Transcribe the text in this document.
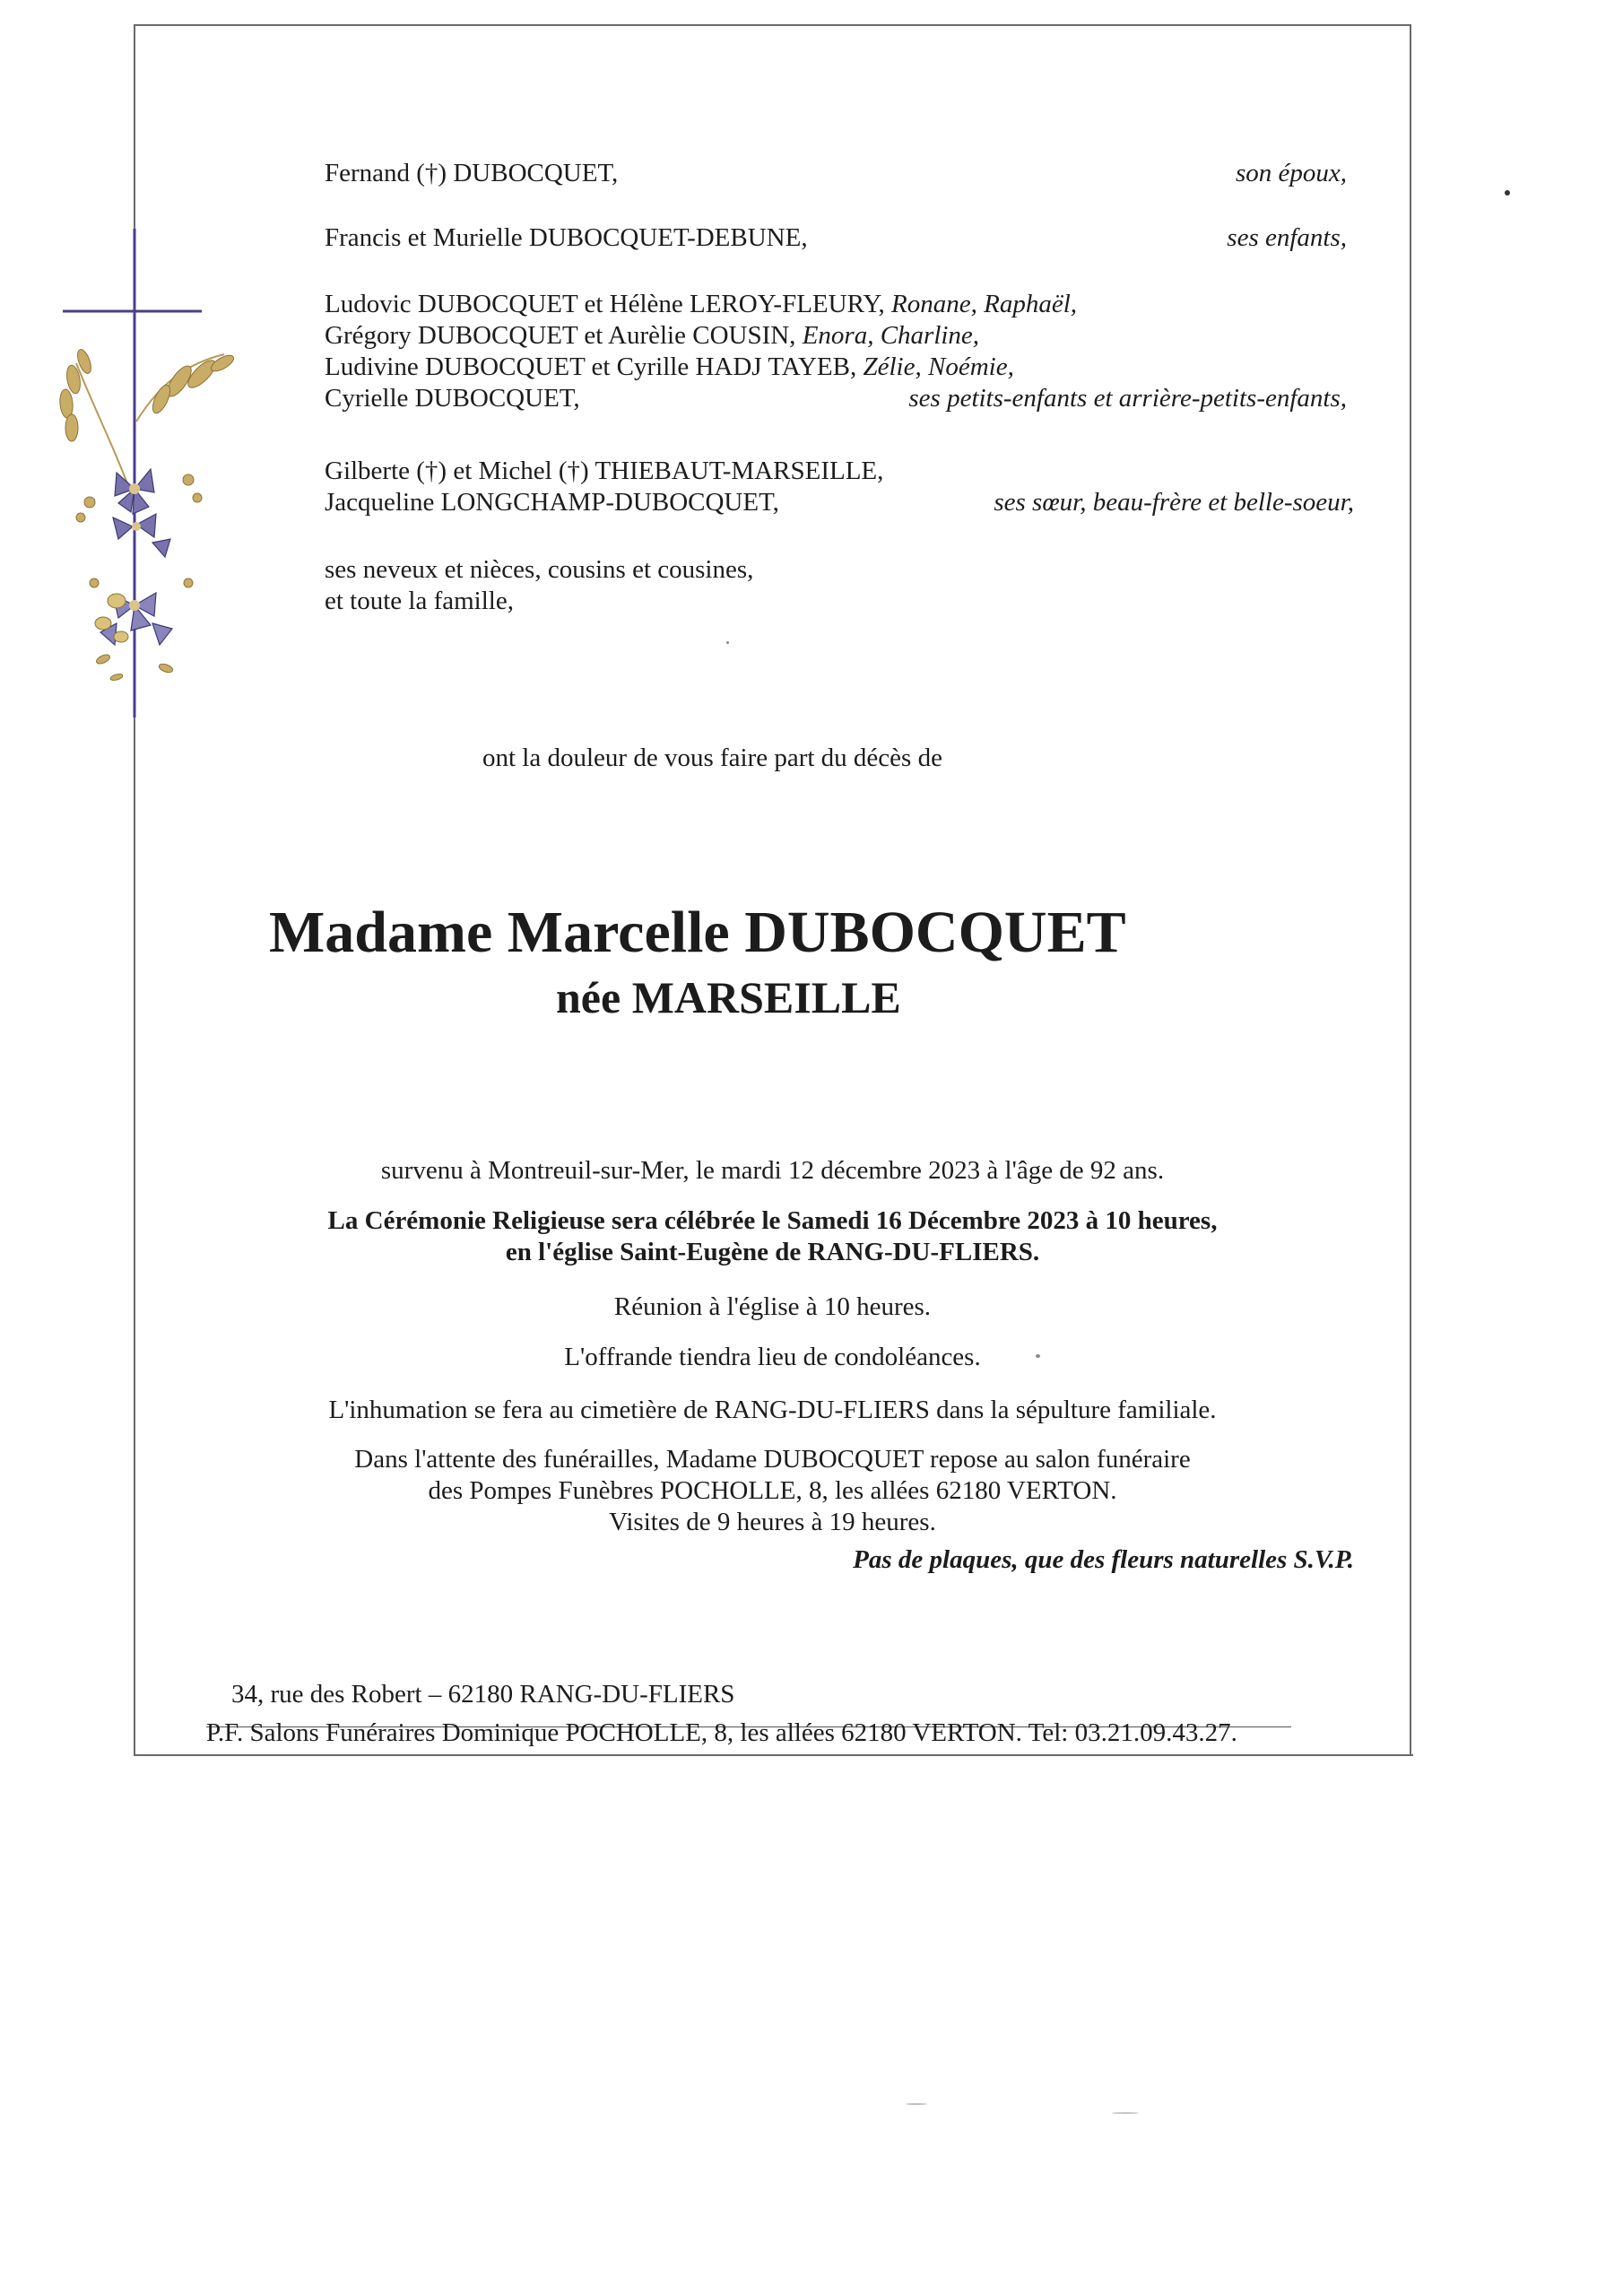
Fernand (†) DUBOCQUET,	son époux,
Francis et Murielle DUBOCQUET-DEBUNE,	ses enfants,
Ludovic DUBOCQUET et Hélène LEROY-FLEURY, Ronane, Raphaël,
Grégory DUBOCQUET et Aurèlie COUSIN, Enora, Charline,
Ludivine DUBOCQUET et Cyrille HADJ TAYEB, Zélie, Noémie,
Cyrielle DUBOCQUET,	ses petits-enfants et arrière-petits-enfants,
Gilberte (†) et Michel (†) THIEBAUT-MARSEILLE,
Jacqueline LONGCHAMP-DUBOCQUET,	ses sœur, beau-frère et belle-soeur,
ses neveux et nièces, cousins et cousines,
et toute la famille,
ont la douleur de vous faire part du décès de
Madame Marcelle DUBOCQUET
née MARSEILLE
survenu à Montreuil-sur-Mer, le mardi 12 décembre 2023 à l'âge de 92 ans.
La Cérémonie Religieuse sera célébrée le Samedi 16 Décembre 2023 à 10 heures,
en l'église Saint-Eugène de RANG-DU-FLIERS.
Réunion à l'église à 10 heures.
L'offrande tiendra lieu de condoléances.
L'inhumation se fera au cimetière de RANG-DU-FLIERS dans la sépulture familiale.
Dans l'attente des funérailles, Madame DUBOCQUET repose au salon funéraire
des Pompes Funèbres POCHOLLE, 8, les allées 62180 VERTON.
Visites de 9 heures à 19 heures.
Pas de plaques, que des fleurs naturelles S.V.P.
34, rue des Robert – 62180 RANG-DU-FLIERS
P.F. Salons Funéraires Dominique POCHOLLE, 8, les allées 62180 VERTON. Tel: 03.21.09.43.27.
